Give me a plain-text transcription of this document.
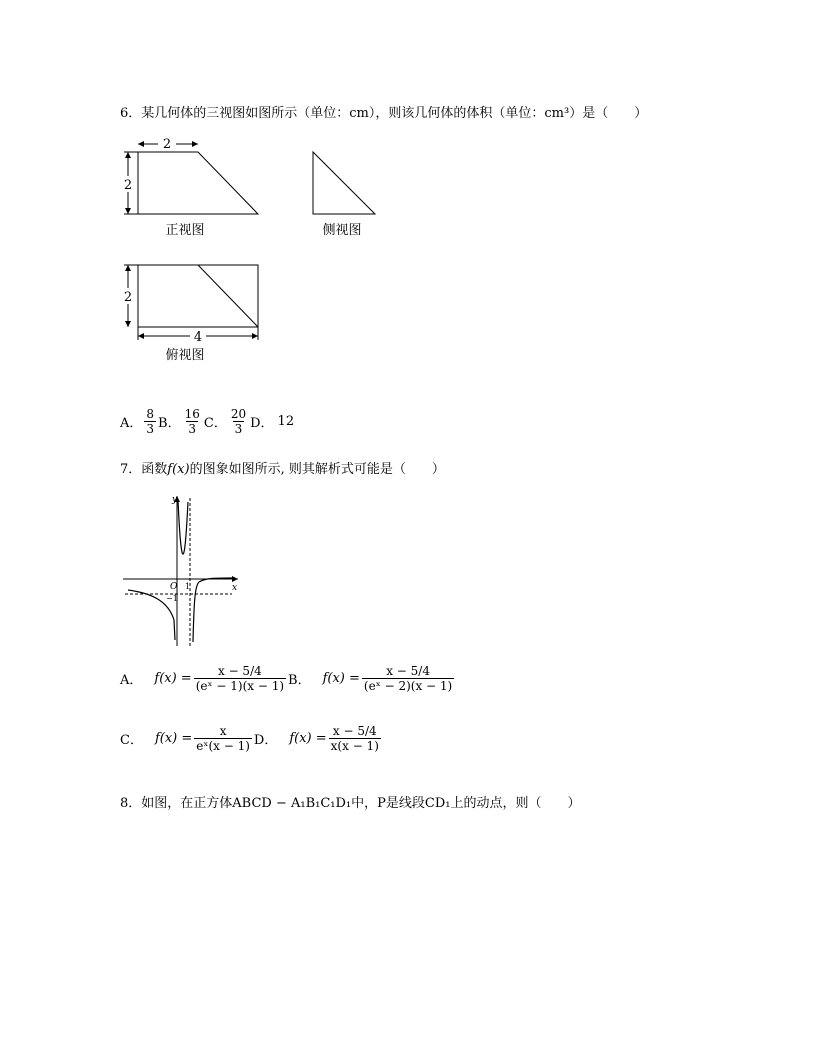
6．某几何体的三视图如图所示（单位：cm），则该几何体的体积（单位：cm³）是（　　）
2
2
正视图	侧视图
2
4
俯视图
A． $\frac{8}{3}$ B． $\frac{16}{3}$ C． $\frac{20}{3}$ D． 12
7．函数f(x)的图象如图所示, 则其解析式可能是（　　）
y
x
O 1
−1
A． $f(x) = \frac{x - 5/4}{\text{(eˣ − 1)(x − 1)}}$ B． $f(x) = \frac{x - 5/4}{\text{(eˣ − 2)(x − 1)}}$
C． $f(x) = \frac{x}{\text{eˣ(x − 1)}}$ D． $f(x) = \frac{x - 5/4}{x(x - 1)}$
8．如图，在正方体ABCD − A₁B₁C₁D₁中，P是线段CD₁上的动点，则（　　）
